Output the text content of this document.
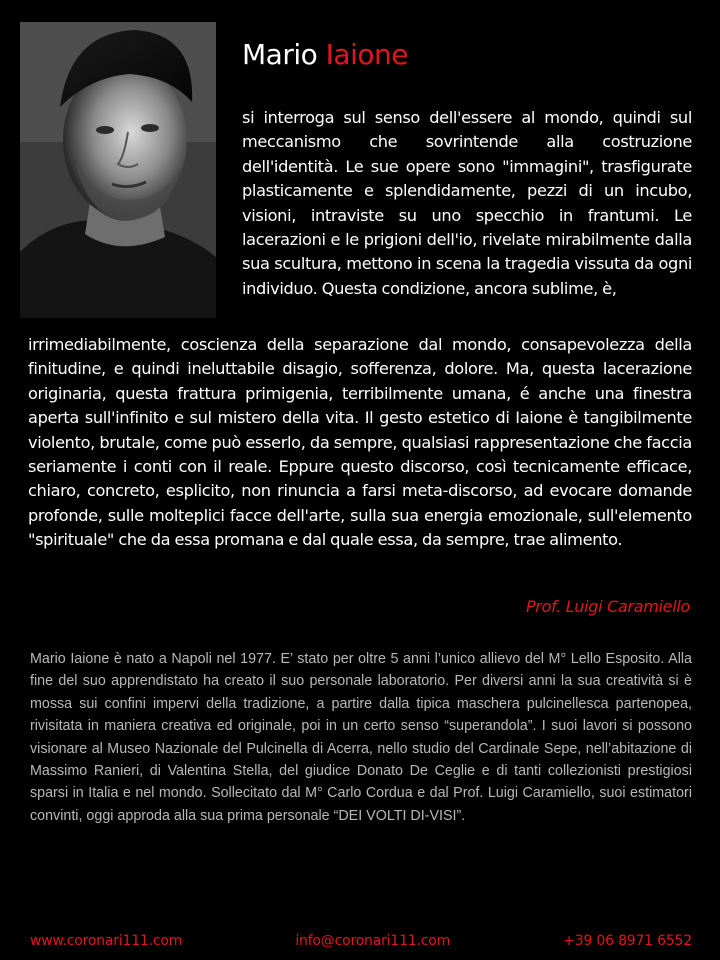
Mario Iaione
si interroga sul senso dell'essere al mondo, quindi sul meccanismo che sovrintende alla costruzione dell'identità. Le sue opere sono "immagini", trasfigurate plasticamente e splendidamente, pezzi di un incubo, visioni, intraviste su uno specchio in frantumi. Le lacerazioni e le prigioni dell'io, rivelate mirabilmente dalla sua scultura, mettono in scena la tragedia vissuta da ogni individuo. Questa condizione, ancora sublime, è,
irrimediabilmente, coscienza della separazione dal mondo, consapevolezza della finitudine, e quindi ineluttabile disagio, sofferenza, dolore. Ma, questa lacerazione originaria, questa frattura primigenia, terribilmente umana, é anche una finestra aperta sull'infinito e sul mistero della vita. Il gesto estetico di Iaione è tangibilmente violento, brutale, come può esserlo, da sempre, qualsiasi rappresentazione che faccia seriamente i conti con il reale. Eppure questo discorso, così tecnicamente efficace, chiaro, concreto, esplicito, non rinuncia a farsi meta-discorso, ad evocare domande profonde, sulle molteplici facce dell'arte, sulla sua energia emozionale, sull'elemento "spirituale" che da essa promana e dal quale essa, da sempre, trae alimento.
Prof. Luigi Caramiello
Mario Iaione è nato a Napoli nel 1977. E’ stato per oltre 5 anni l’unico allievo del M° Lello Esposito. Alla fine del suo apprendistato ha creato il suo personale laboratorio. Per diversi anni la sua creatività si è mossa sui confini impervi della tradizione, a partire dalla tipica maschera pulcinellesca partenopea, rivisitata in maniera creativa ed originale, poi in un certo senso “superandola”. I suoi lavori si possono visionare al Museo Nazionale del Pulcinella di Acerra, nello studio del Cardinale Sepe, nell’abitazione di Massimo Ranieri, di Valentina Stella, del giudice Donato De Ceglie e di tanti collezionisti prestigiosi sparsi in Italia e nel mondo. Sollecitato dal M° Carlo Cordua e dal Prof. Luigi Caramiello, suoi estimatori convinti, oggi approda alla sua prima personale “DEI VOLTI DI-VISI”.
www.coronari111.com	info@coronari111.com	+39 06 8971 6552
